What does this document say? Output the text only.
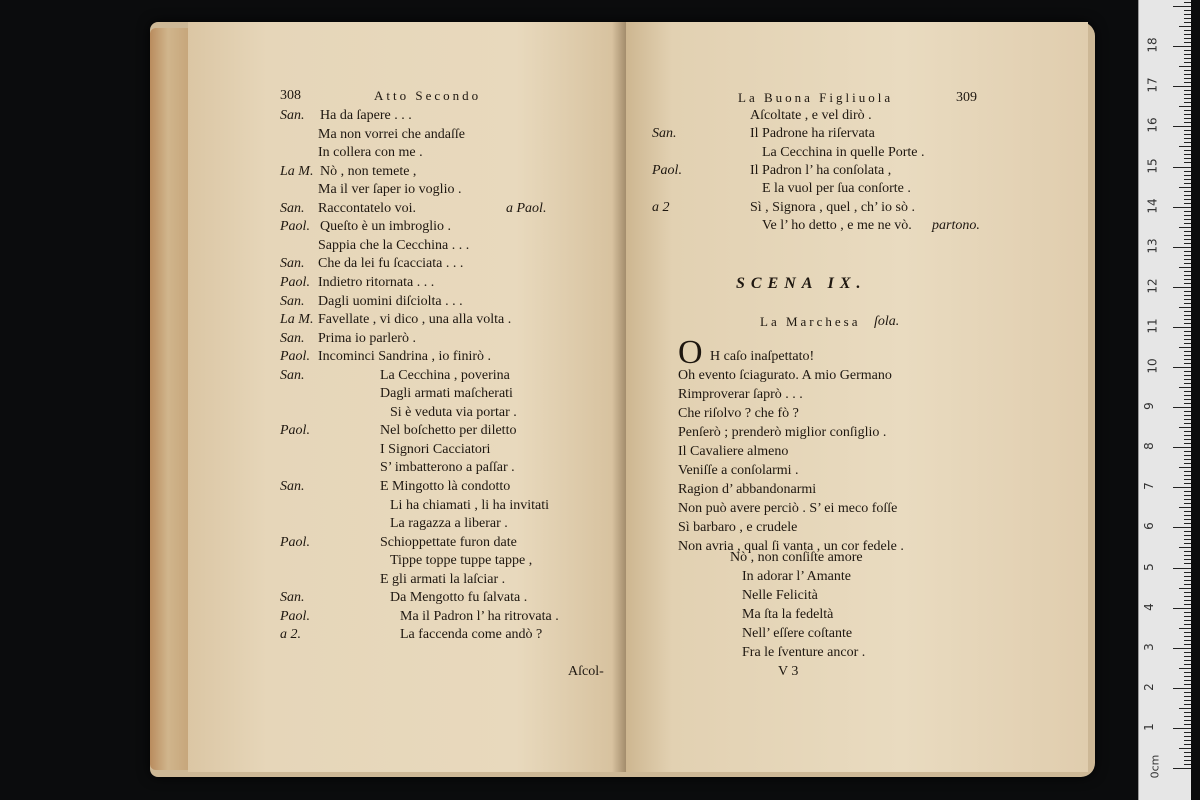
308	Atto Secondo
San. Ha da ſapere . . .
Ma non vorrei che andaſſe
In collera con me .
La M. Nò , non temete ,
Ma il ver ſaper io voglio .
San. Raccontatelo voi.	a Paol.
Paol. Queſto è un imbroglio .
Sappia che la Cecchina . . .
San. Che da lei fu ſcacciata . . .
Paol. Indietro ritornata . . .
San. Dagli uomini diſciolta . . .
La M. Favellate , vi dico , una alla volta .
San. Prima io parlerò .
Paol. Incominci Sandrina , io finirò .
San.	La Cecchina , poverina
Dagli armati maſcherati
Si è veduta via portar .
Paol.	Nel boſchetto per diletto
I Signori Cacciatori
S’ imbatterono a paſſar .
San.	E Mingotto là condotto
Li ha chiamati , li ha invitati
La ragazza a liberar .
Paol.	Schioppettate furon date
Tippe toppe tuppe tappe ,
E gli armati la laſciar .
San.	Da Mengotto fu ſalvata .
Paol.	Ma il Padron l’ ha ritrovata .
a 2.	La faccenda come andò ?
Aſcol-
La Buona Figliuola	309
Aſcoltate , e vel dirò .
San.	Il Padrone ha riſervata
La Cecchina in quelle Porte .
Paol.	Il Padron l’ ha conſolata ,
E la vuol per ſua conſorte .
a 2	Sì , Signora , quel , ch’ io sò .
Ve l’ ho detto , e me ne vò. partono.
SCENA IX.
La Marchesa ſola.
O H caſo inaſpettato!
Oh evento ſciagurato. A mio Germano
Rimproverar ſaprò . . .
Che riſolvo ? che fò ?
Penſerò ; prenderò miglior conſiglio .
Il Cavaliere almeno
Veniſſe a conſolarmi .
Ragion d’ abbandonarmi
Non può avere perciò . S’ ei meco foſſe
Sì barbaro , e crudele
Non avria , qual ſi vanta , un cor fedele .
Nò , non conſiſte amore
In adorar l’ Amante
Nelle Felicità
Ma ſta la fedeltà
Nell’ eſſere coſtante
Fra le ſventure ancor .
V 3
0cm
1
2
3
4
5
6
7
8
9
10
11
12
13
14
15
16
17
18
